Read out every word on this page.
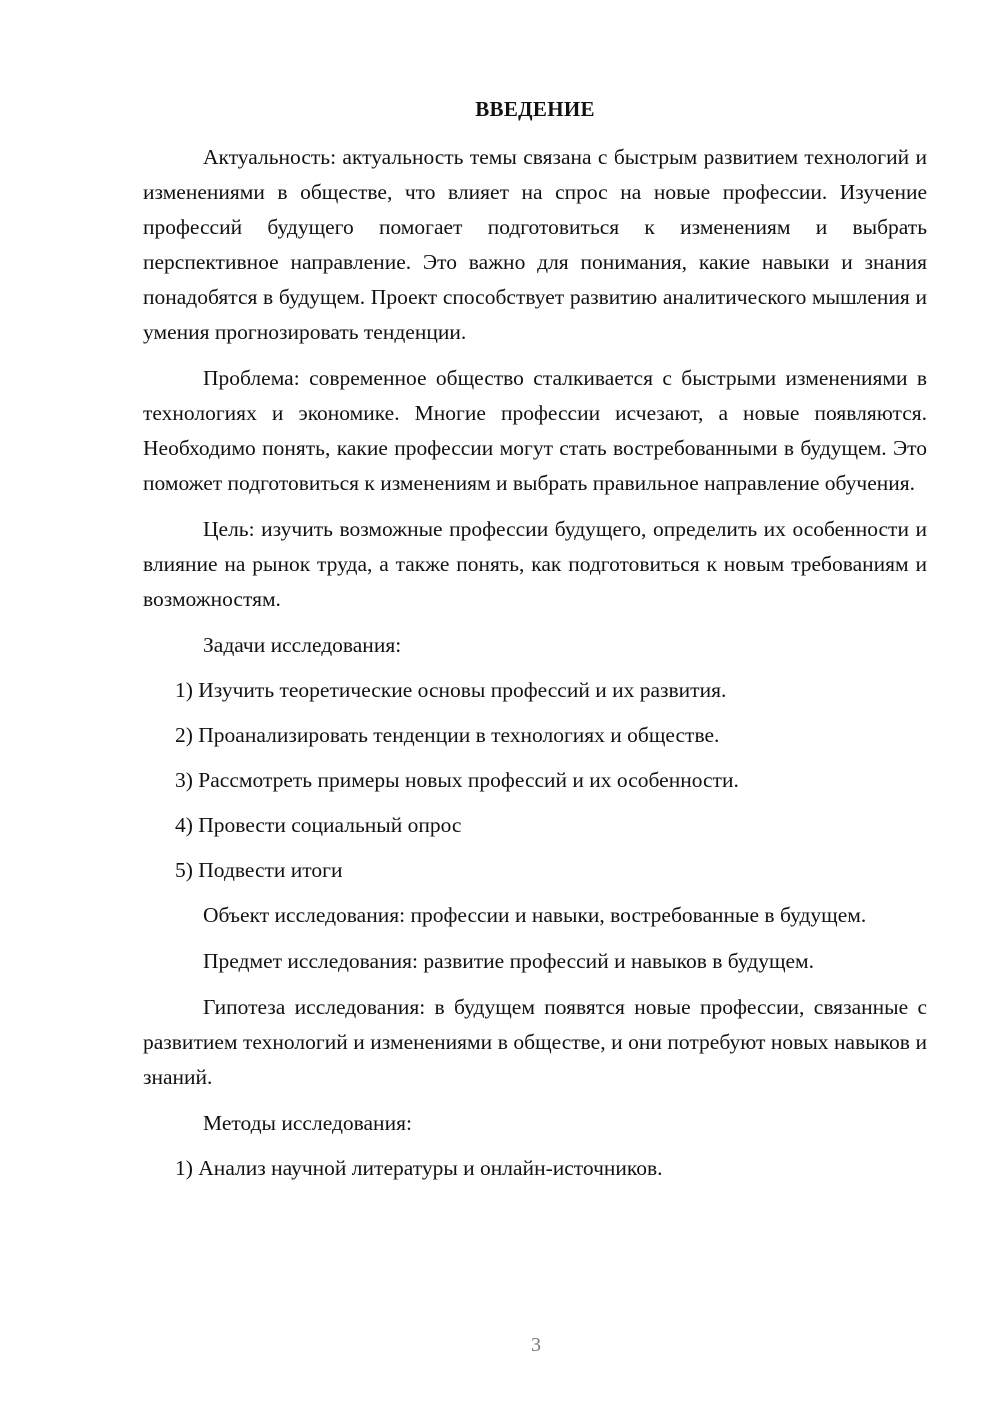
ВВЕДЕНИЕ
Актуальность: актуальность темы связана с быстрым развитием технологий и изменениями в обществе, что влияет на спрос на новые профессии. Изучение профессий будущего помогает подготовиться к изменениям и выбрать перспективное направление. Это важно для понимания, какие навыки и знания понадобятся в будущем. Проект способствует развитию аналитического мышления и умения прогнозировать тенденции.
Проблема: современное общество сталкивается с быстрыми изменениями в технологиях и экономике. Многие профессии исчезают, а новые появляются. Необходимо понять, какие профессии могут стать востребованными в будущем. Это поможет подготовиться к изменениям и выбрать правильное направление обучения.
Цель: изучить возможные профессии будущего, определить их особенности и влияние на рынок труда, а также понять, как подготовиться к новым требованиям и возможностям.
Задачи исследования:
1) Изучить теоретические основы профессий и их развития.
2) Проанализировать тенденции в технологиях и обществе.
3) Рассмотреть примеры новых профессий и их особенности.
4) Провести социальный опрос
5) Подвести итоги
Объект исследования: профессии и навыки, востребованные в будущем.
Предмет исследования: развитие профессий и навыков в будущем.
Гипотеза исследования: в будущем появятся новые профессии, связанные с развитием технологий и изменениями в обществе, и они потребуют новых навыков и знаний.
Методы исследования:
1) Анализ научной литературы и онлайн-источников.
3
